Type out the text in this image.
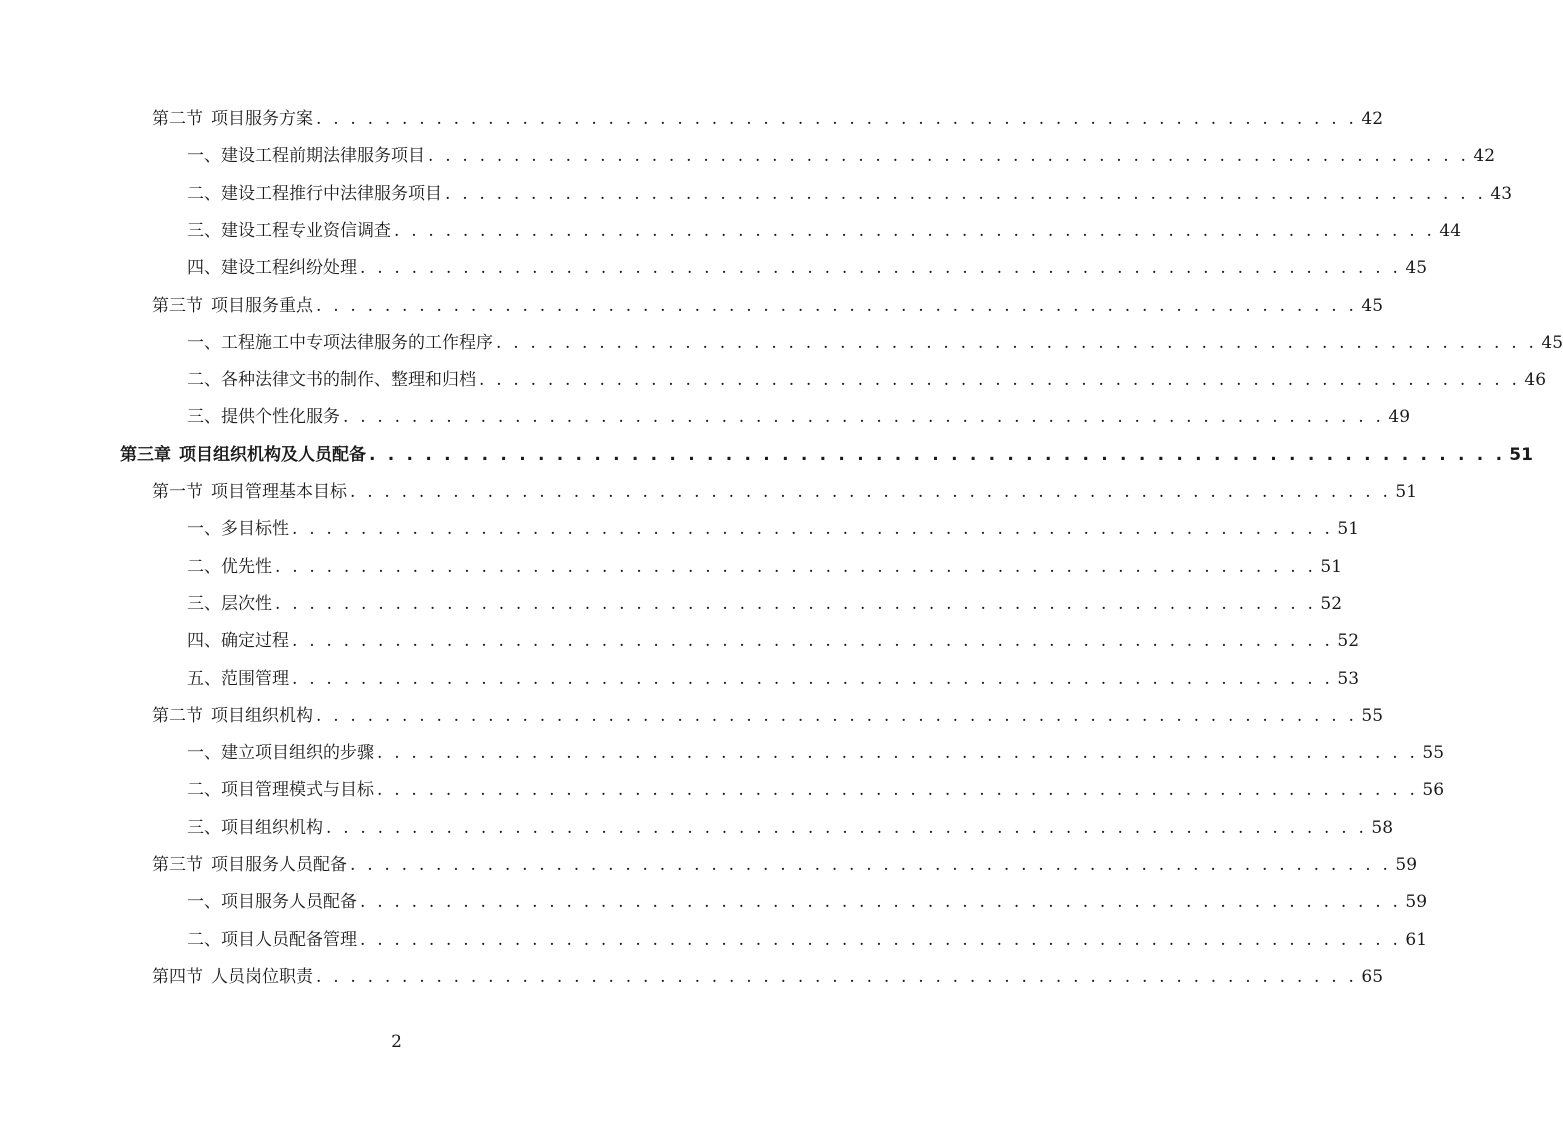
第二节 项目服务方案 . . . . . . . . . . . . . . . . . . . . . . . . . . . . . . . . . . . . . . . . . . . . . . . . . . . . . . . . . . . . . 42
一、 建设工程前期法律服务项目 . . . . . . . . . . . . . . . . . . . . . . . . . . . . . . . . . . . . . . . . . . . . . . . . . . . . . . . . . . . . . 42
二、 建设工程推行中法律服务项目 . . . . . . . . . . . . . . . . . . . . . . . . . . . . . . . . . . . . . . . . . . . . . . . . . . . . . . . . . . . . . 43
三、 建设工程专业资信调查 . . . . . . . . . . . . . . . . . . . . . . . . . . . . . . . . . . . . . . . . . . . . . . . . . . . . . . . . . . . . . 44
四、 建设工程纠纷处理 . . . . . . . . . . . . . . . . . . . . . . . . . . . . . . . . . . . . . . . . . . . . . . . . . . . . . . . . . . . . . 45
第三节 项目服务重点 . . . . . . . . . . . . . . . . . . . . . . . . . . . . . . . . . . . . . . . . . . . . . . . . . . . . . . . . . . . . . 45
一、 工程施工中专项法律服务的工作程序 . . . . . . . . . . . . . . . . . . . . . . . . . . . . . . . . . . . . . . . . . . . . . . . . . . . . . . . . . . . . . 45
二、 各种法律文书的制作、整理和归档 . . . . . . . . . . . . . . . . . . . . . . . . . . . . . . . . . . . . . . . . . . . . . . . . . . . . . . . . . . . . . 46
三、 提供个性化服务 . . . . . . . . . . . . . . . . . . . . . . . . . . . . . . . . . . . . . . . . . . . . . . . . . . . . . . . . . . . . . 49
第三章 项目组织机构及人员配备 . . . . . . . . . . . . . . . . . . . . . . . . . . . . . . . . . . . . . . . . . . . . . . . . . . . . . . . . . . . . . 51
第一节 项目管理基本目标 . . . . . . . . . . . . . . . . . . . . . . . . . . . . . . . . . . . . . . . . . . . . . . . . . . . . . . . . . . . . . 51
一、 多目标性 . . . . . . . . . . . . . . . . . . . . . . . . . . . . . . . . . . . . . . . . . . . . . . . . . . . . . . . . . . . . . 51
二、 优先性 . . . . . . . . . . . . . . . . . . . . . . . . . . . . . . . . . . . . . . . . . . . . . . . . . . . . . . . . . . . . . 51
三、 层次性 . . . . . . . . . . . . . . . . . . . . . . . . . . . . . . . . . . . . . . . . . . . . . . . . . . . . . . . . . . . . . 52
四、 确定过程 . . . . . . . . . . . . . . . . . . . . . . . . . . . . . . . . . . . . . . . . . . . . . . . . . . . . . . . . . . . . . 52
五、 范围管理 . . . . . . . . . . . . . . . . . . . . . . . . . . . . . . . . . . . . . . . . . . . . . . . . . . . . . . . . . . . . . 53
第二节 项目组织机构 . . . . . . . . . . . . . . . . . . . . . . . . . . . . . . . . . . . . . . . . . . . . . . . . . . . . . . . . . . . . . 55
一、 建立项目组织的步骤 . . . . . . . . . . . . . . . . . . . . . . . . . . . . . . . . . . . . . . . . . . . . . . . . . . . . . . . . . . . . . 55
二、 项目管理模式与目标 . . . . . . . . . . . . . . . . . . . . . . . . . . . . . . . . . . . . . . . . . . . . . . . . . . . . . . . . . . . . . 56
三、 项目组织机构 . . . . . . . . . . . . . . . . . . . . . . . . . . . . . . . . . . . . . . . . . . . . . . . . . . . . . . . . . . . . . 58
第三节 项目服务人员配备 . . . . . . . . . . . . . . . . . . . . . . . . . . . . . . . . . . . . . . . . . . . . . . . . . . . . . . . . . . . . . 59
一、 项目服务人员配备 . . . . . . . . . . . . . . . . . . . . . . . . . . . . . . . . . . . . . . . . . . . . . . . . . . . . . . . . . . . . . 59
二、 项目人员配备管理 . . . . . . . . . . . . . . . . . . . . . . . . . . . . . . . . . . . . . . . . . . . . . . . . . . . . . . . . . . . . . 61
第四节 人员岗位职责 . . . . . . . . . . . . . . . . . . . . . . . . . . . . . . . . . . . . . . . . . . . . . . . . . . . . . . . . . . . . . 65
2
